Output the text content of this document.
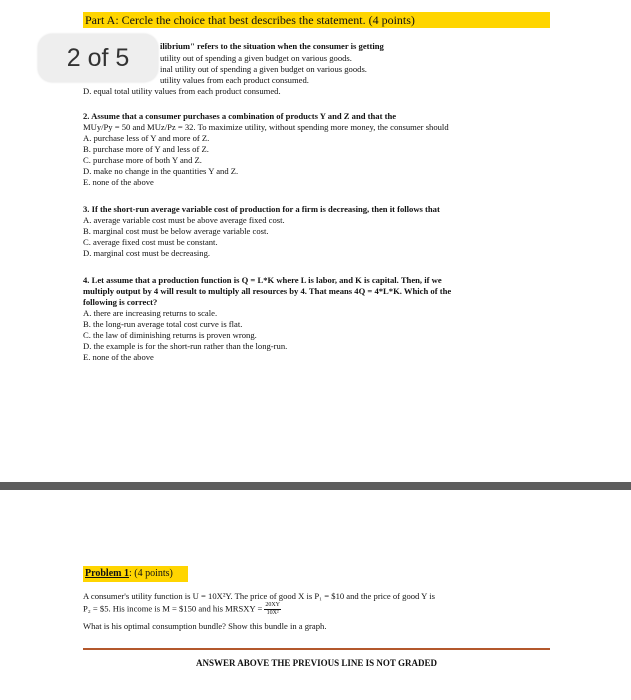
Part A: Cercle the choice that best describes the statement. (4 points)
2 of 5	ilibrium" refers to the situation when the consumer is getting
utility out of spending a given budget on various goods.
inal utility out of spending a given budget on various goods.
utility values from each product consumed.
D. equal total utility values from each product consumed.
2. Assume that a consumer purchases a combination of products Y and Z and that the
MUy/Py = 50 and MUz/Pz = 32. To maximize utility, without spending more money, the consumer should
A. purchase less of Y and more of Z.
B. purchase more of Y and less of Z.
C. purchase more of both Y and Z.
D. make no change in the quantities Y and Z.
E. none of the above
3. If the short-run average variable cost of production for a firm is decreasing, then it follows that
A. average variable cost must be above average fixed cost.
B. marginal cost must be below average variable cost.
C. average fixed cost must be constant.
D. marginal cost must be decreasing.
4. Let assume that a production function is Q = L*K where L is labor, and K is capital. Then, if we
multiply output by 4 will result to multiply all resources by 4. That means 4Q = 4*L*K. Which of the
following is correct?
A. there are increasing returns to scale.
B. the long-run average total cost curve is flat.
C. the law of diminishing returns is proven wrong.
D. the example is for the short-run rather than the long-run.
E. none of the above
Problem 1: (4 points)
A consumer's utility function is U = 10X²Y. The price of good X is P₁ = $10 and the price of good Y is
P₂ = $5. His income is M = $150 and his MRSXY = $\frac{20XY}{\text{10X²}}$
What is his optimal consumption bundle? Show this bundle in a graph.
ANSWER ABOVE THE PREVIOUS LINE IS NOT GRADED
